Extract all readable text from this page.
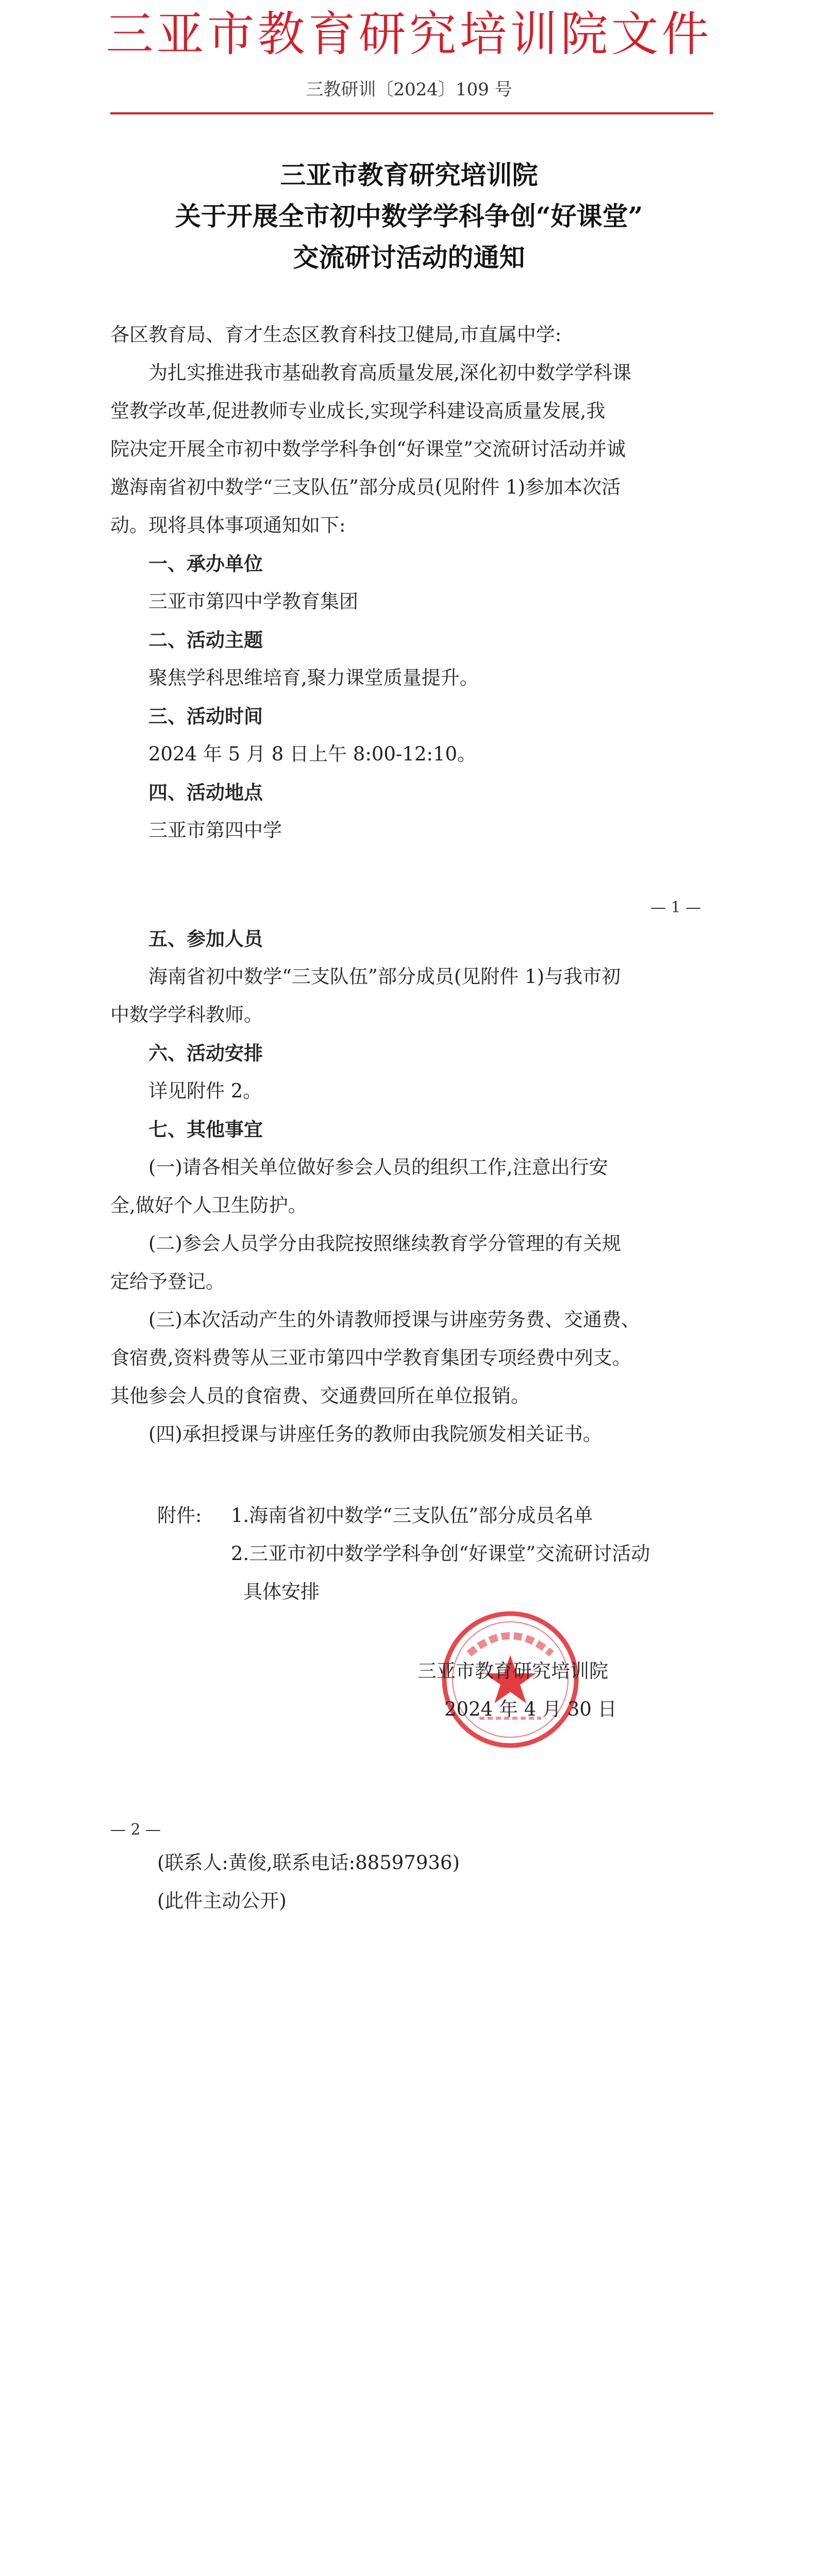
三亚市教育研究培训院文件
三教研训〔2024〕109 号
三亚市教育研究培训院
关于开展全市初中数学学科争创“好课堂”
交流研讨活动的通知
各区教育局、育才生态区教育科技卫健局,市直属中学:
为扎实推进我市基础教育高质量发展,深化初中数学学科课
堂教学改革,促进教师专业成长,实现学科建设高质量发展,我
院决定开展全市初中数学学科争创“好课堂”交流研讨活动并诚
邀海南省初中数学“三支队伍”部分成员(见附件 1)参加本次活
动。现将具体事项通知如下:
一、承办单位
三亚市第四中学教育集团
二、活动主题
聚焦学科思维培育,聚力课堂质量提升。
三、活动时间
2024 年 5 月 8 日上午 8:00-12:10。
四、活动地点
三亚市第四中学
— 1 —
五、参加人员
海南省初中数学“三支队伍”部分成员(见附件 1)与我市初
中数学学科教师。
六、活动安排
详见附件 2。
七、其他事宜
(一)请各相关单位做好参会人员的组织工作,注意出行安
全,做好个人卫生防护。
(二)参会人员学分由我院按照继续教育学分管理的有关规
定给予登记。
(三)本次活动产生的外请教师授课与讲座劳务费、交通费、
食宿费,资料费等从三亚市第四中学教育集团专项经费中列支。
其他参会人员的食宿费、交通费回所在单位报销。
(四)承担授课与讲座任务的教师由我院颁发相关证书。
附件: 1.海南省初中数学“三支队伍”部分成员名单
2.三亚市初中数学学科争创“好课堂”交流研讨活动
具体安排
三亚市教育研究培训院
2024 年 4 月 30 日
— 2 —
(联系人:黄俊,联系电话:88597936)
(此件主动公开)
